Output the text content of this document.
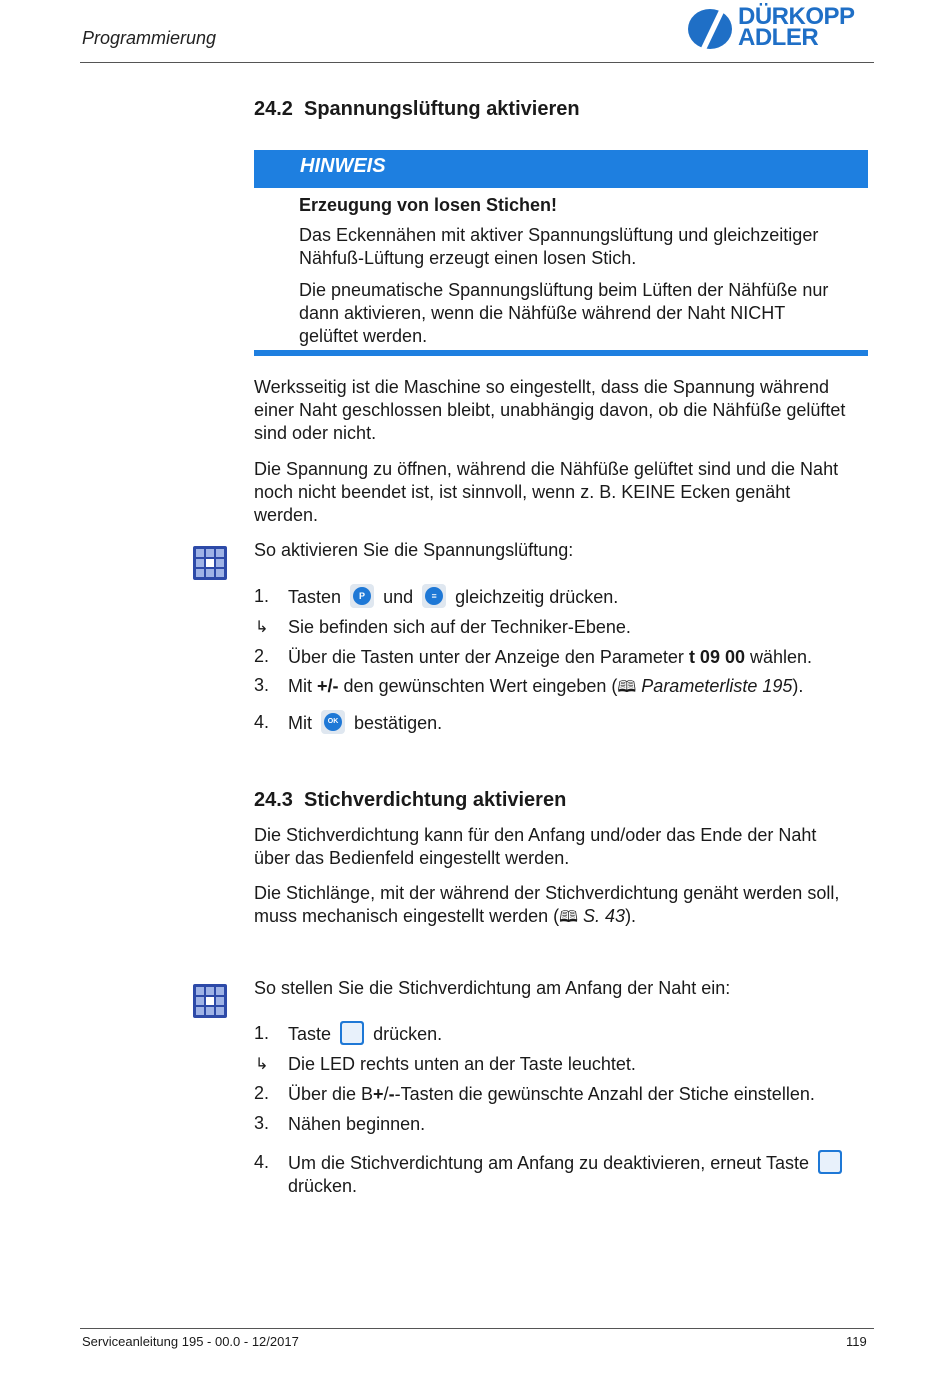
Programmierung
DÜRKOPP
ADLER
24.2 Spannungslüftung aktivieren
HINWEIS
Erzeugung von losen Stichen!
Das Eckennähen mit aktiver Spannungslüftung und gleichzeitiger
Nähfuß-Lüftung erzeugt einen losen Stich.
Die pneumatische Spannungslüftung beim Lüften der Nähfüße nur
dann aktivieren, wenn die Nähfüße während der Naht NICHT
gelüftet werden.
Werksseitig ist die Maschine so eingestellt, dass die Spannung während
einer Naht geschlossen bleibt, unabhängig davon, ob die Nähfüße gelüftet
sind oder nicht.
Die Spannung zu öffnen, während die Nähfüße gelüftet sind und die Naht
noch nicht beendet ist, ist sinnvoll, wenn z. B. KEINE Ecken genäht
werden.
So aktivieren Sie die Spannungslüftung:
1. Tasten	P	und	≡	gleichzeitig drücken.
↳ Sie befinden sich auf der Techniker-Ebene.
2. Über die Tasten unter der Anzeige den Parameter t 09 00 wählen.
3. Mit +/- den gewünschten Wert eingeben (🕮 Parameterliste 195).
4. Mit	OK bestätigen.
24.3 Stichverdichtung aktivieren
Die Stichverdichtung kann für den Anfang und/oder das Ende der Naht
über das Bedienfeld eingestellt werden.
Die Stichlänge, mit der während der Stichverdichtung genäht werden soll,
muss mechanisch eingestellt werden (🕮 S. 43).
So stellen Sie die Stichverdichtung am Anfang der Naht ein:
1. Taste drücken.
↳ Die LED rechts unten an der Taste leuchtet.
2. Über die B+/--Tasten die gewünschte Anzahl der Stiche einstellen.
3. Nähen beginnen.
4. Um die Stichverdichtung am Anfang zu deaktivieren, erneut Taste
drücken.
Serviceanleitung 195 - 00.0 - 12/2017	119
